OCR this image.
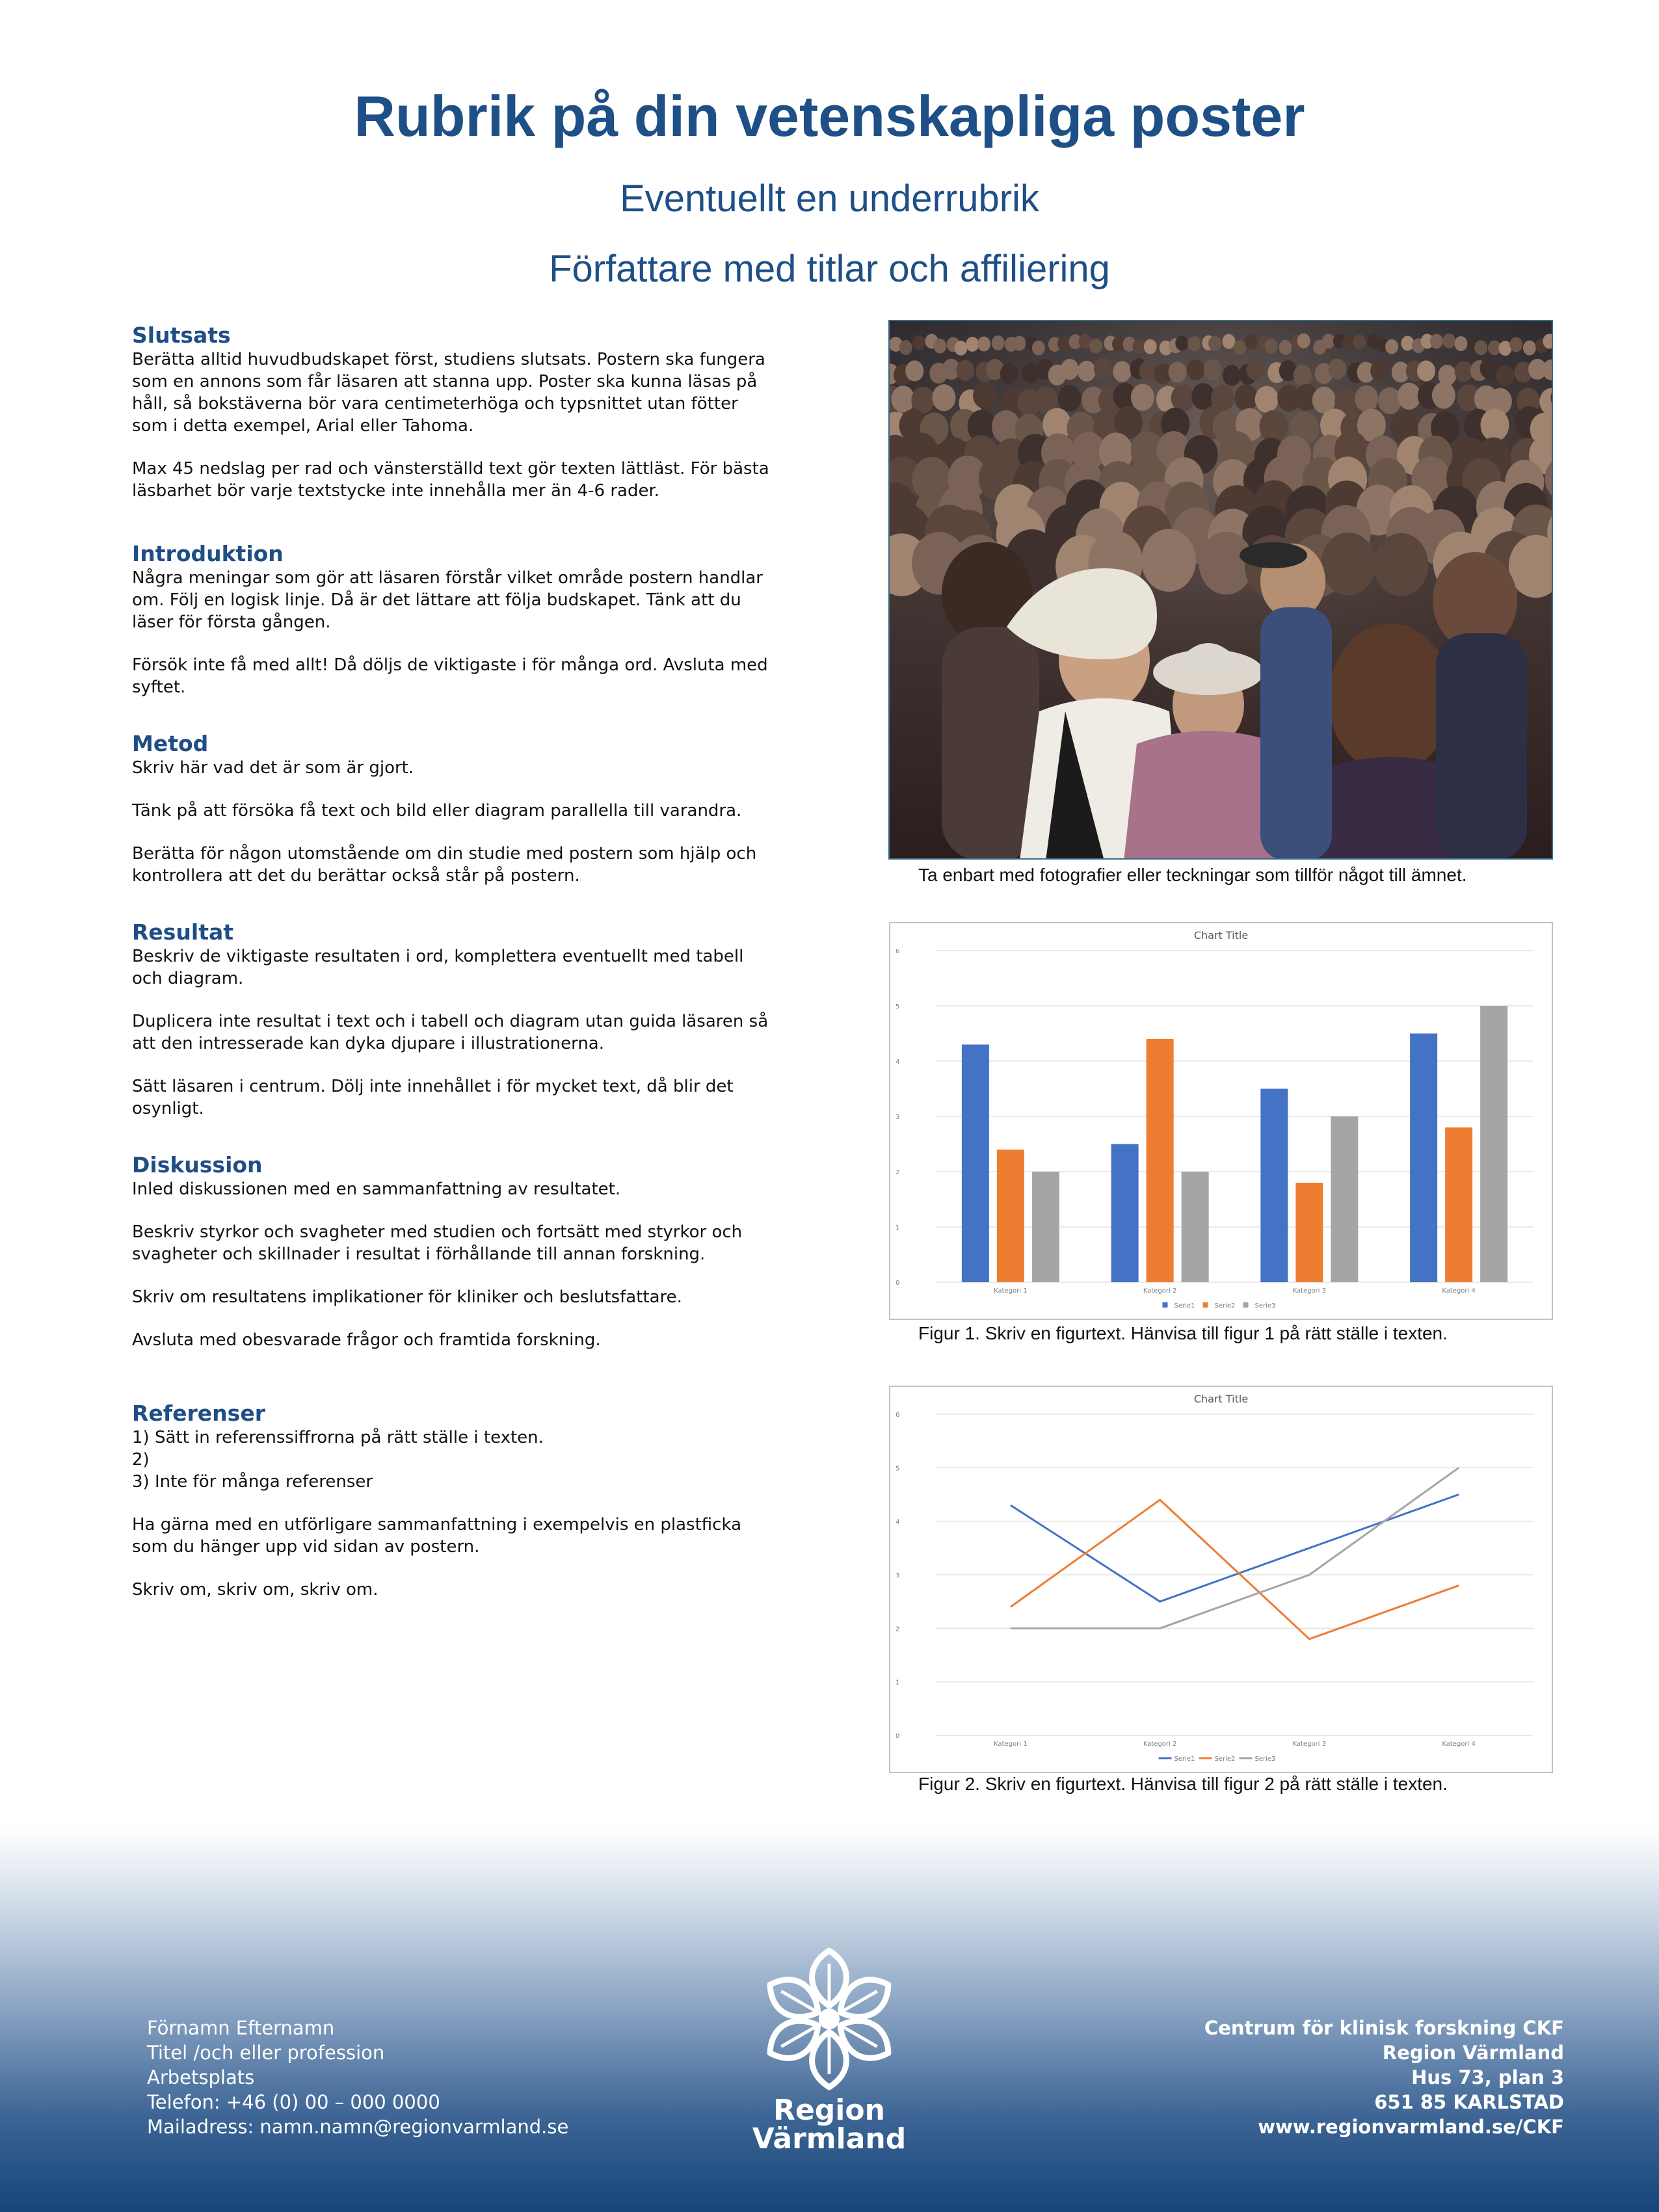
Rubrik på din vetenskapliga poster
Eventuellt en underrubrik
Författare med titlar och affiliering
Slutsats

Berätta alltid huvudbudskapet först, studiens slutsats. Postern ska fungera som en annons som får läsaren att stanna upp. Poster ska kunna läsas på håll, så bokstäverna bör vara centimeterhöga och typsnittet utan fötter som i detta exempel, Arial eller Tahoma.

Max 45 nedslag per rad och vänsterställd text gör texten lättläst. För bästa läsbarhet bör varje textstycke inte innehålla mer än 4-6 rader.

Introduktion

Några meningar som gör att läsaren förstår vilket område postern handlar om. Följ en logisk linje. Då är det lättare att följa budskapet. Tänk att du läser för första gången.

Försök inte få med allt! Då döljs de viktigaste i för många ord. Avsluta med syftet.

Metod

Skriv här vad det är som är gjort.

Tänk på att försöka få text och bild eller diagram parallella till varandra.

Berätta för någon utomstående om din studie med postern som hjälp och kontrollera att det du berättar också står på postern.

Resultat

Beskriv de viktigaste resultaten i ord, komplettera eventuellt med tabell och diagram.

Duplicera inte resultat i text och i tabell och diagram utan guida läsaren så att den intresserade kan dyka djupare i illustrationerna.

Sätt läsaren i centrum. Dölj inte innehållet i för mycket text, då blir det osynligt.

Diskussion

Inled diskussionen med en sammanfattning av resultatet.

Beskriv styrkor och svagheter med studien och fortsätt med styrkor och svagheter och skillnader i resultat i förhållande till annan forskning.

Skriv om resultatens implikationer för kliniker och beslutsfattare.

Avsluta med obesvarade frågor och framtida forskning.

Referenser

1) Sätt in referenssiffrorna på rätt ställe i texten.
2)
3) Inte för många referenser

Ha gärna med en utförligare sammanfattning i exempelvis en plastficka som du hänger upp vid sidan av postern.

Skriv om, skriv om, skriv om.

Ta enbart med fotografier eller teckningar som tillför något till ämnet.
Chart Title
0
1
2
3
4
5
6
Kategori 1	Kategori 2	Kategori 3	Kategori 4
Serie1	Serie2	Serie3
Figur 1. Skriv en figurtext. Hänvisa till figur 1 på rätt ställe i texten.
Chart Title
0
1
2
3
4
5
6
Kategori 1	Kategori 2	Kategori 3	Kategori 4
Serie1	Serie2	Serie3
Figur 2. Skriv en figurtext. Hänvisa till figur 2 på rätt ställe i texten.
Förnamn Efternamn
Titel /och eller profession
Arbetsplats
Telefon: +46 (0) 00 – 000 0000
Mailadress: namn.namn@regionvarmland.se
Centrum för klinisk forskning CKF
Region Värmland
Hus 73, plan 3
651 85 KARLSTAD
www.regionvarmland.se/CKF
Region
Värmland
